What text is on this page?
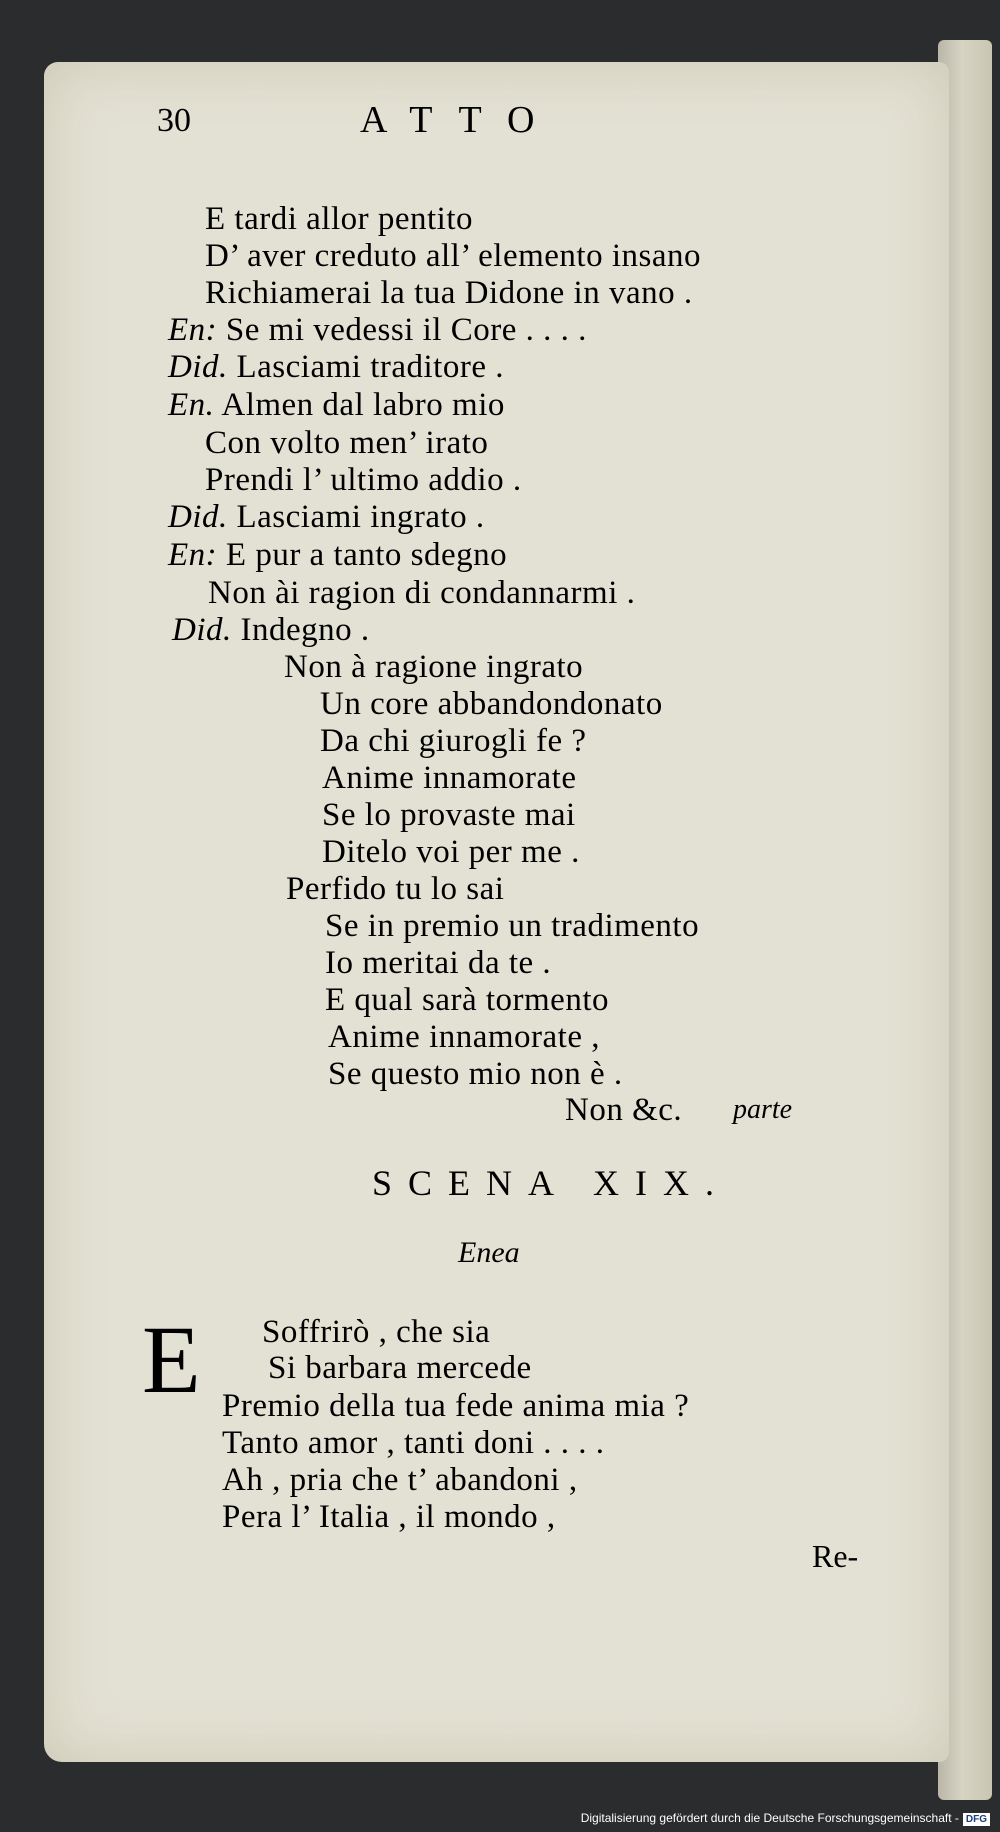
30	ATTO
E tardi allor pentito
D’ aver creduto all’ elemento insano
Richiamerai la tua Didone in vano .
En: Se mi vedessi il Core . . . .
Did. Lasciami traditore .
En. Almen dal labro mio
Con volto men’ irato
Prendi l’ ultimo addio .
Did. Lasciami ingrato .
En: E pur a tanto sdegno
Non ài ragion di condannarmi .
Did. Indegno .
Non à ragione ingrato
Un core abbandondonato
Da chi giurogli fe ?
Anime innamorate
Se lo provaste mai
Ditelo voi per me .
Perfido tu lo sai
Se in premio un tradimento
Io meritai da te .
E qual sarà tormento
Anime innamorate ,
Se questo mio non è .
Non &c. parte
SCENA XIX.
Enea
E Soffrirò , che sia
Si barbara mercede
Premio della tua fede anima mia ?
Tanto amor , tanti doni . . . .
Ah , pria che t’ abandoni ,
Pera l’ Italia , il mondo ,
Re-
Digitalisierung gefördert durch die Deutsche Forschungsgemeinschaft - DFG
